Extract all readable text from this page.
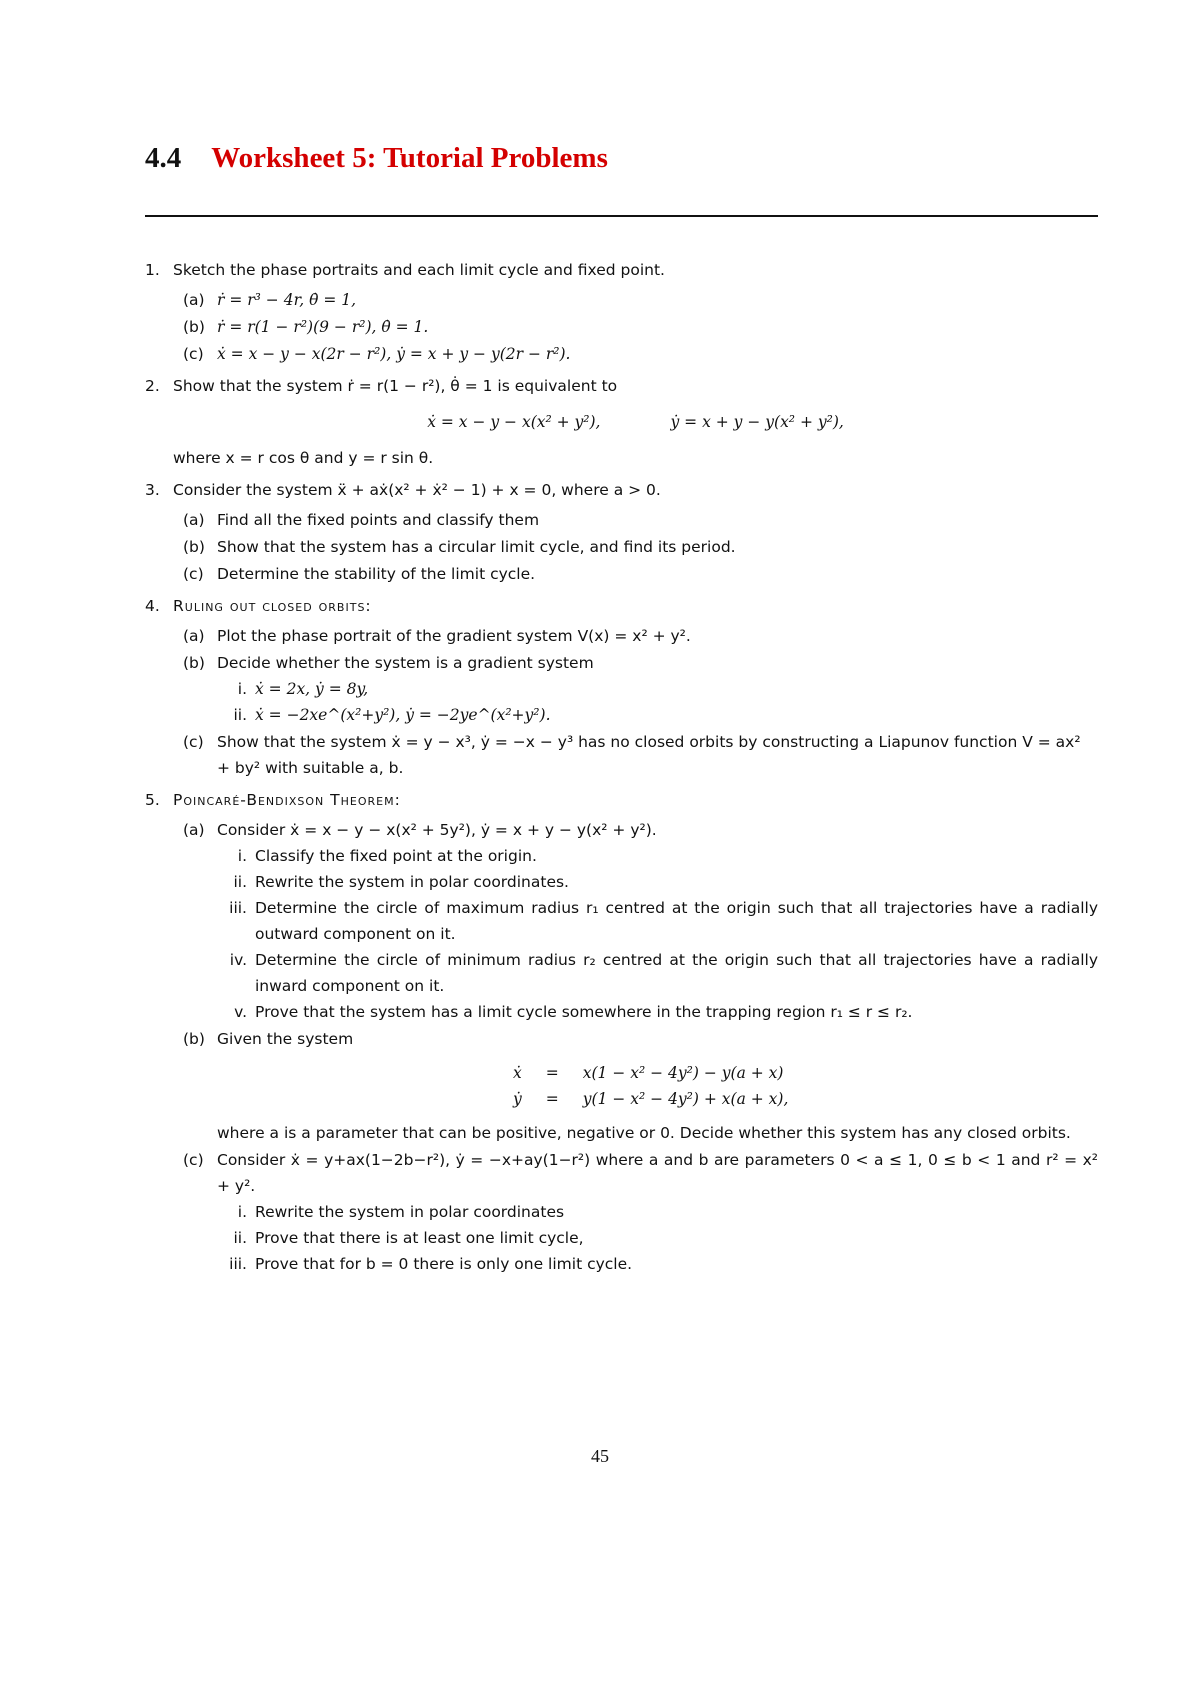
4.4 Worksheet 5: Tutorial Problems
1. Sketch the phase portraits and each limit cycle and fixed point.
(a) ṙ = r³ − 4r, θ̇ = 1,
(b) ṙ = r(1 − r²)(9 − r²), θ̇ = 1.
(c) ẋ = x − y − x(2r − r²), ẏ = x + y − y(2r − r²).
2. Show that the system ṙ = r(1 − r²), θ̇ = 1 is equivalent to
ẋ = x − y − x(x² + y²),	ẏ = x + y − y(x² + y²),
where x = r cos θ and y = r sin θ.
3. Consider the system ẍ + aẋ(x² + ẋ² − 1) + x = 0, where a > 0.
(a) Find all the fixed points and classify them
(b) Show that the system has a circular limit cycle, and find its period.
(c) Determine the stability of the limit cycle.
4. Ruling out closed orbits:
(a) Plot the phase portrait of the gradient system V(x) = x² + y².
(b) Decide whether the system is a gradient system
i. ẋ = 2x, ẏ = 8y,
ii. ẋ = −2xe^(x²+y²), ẏ = −2ye^(x²+y²).
(c) Show that the system ẋ = y − x³, ẏ = −x − y³ has no closed orbits by constructing a Liapunov function V = ax² + by² with suitable a, b.
5. Poincaré-Bendixson Theorem:
(a) Consider ẋ = x − y − x(x² + 5y²), ẏ = x + y − y(x² + y²).
i. Classify the fixed point at the origin.
ii. Rewrite the system in polar coordinates.
iii. Determine the circle of maximum radius r₁ centred at the origin such that all trajectories have a radially outward component on it.
iv. Determine the circle of minimum radius r₂ centred at the origin such that all trajectories have a radially inward component on it.
v. Prove that the system has a limit cycle somewhere in the trapping region r₁ ≤ r ≤ r₂.
(b) Given the system
ẋ	=	x(1 − x² − 4y²) − y(a + x)
ẏ	=	y(1 − x² − 4y²) + x(a + x),
where a is a parameter that can be positive, negative or 0. Decide whether this system has any closed orbits.
(c) Consider ẋ = y+ax(1−2b−r²), ẏ = −x+ay(1−r²) where a and b are parameters 0 < a ≤ 1, 0 ≤ b < 1 and r² = x² + y².
i. Rewrite the system in polar coordinates
ii. Prove that there is at least one limit cycle,
iii. Prove that for b = 0 there is only one limit cycle.
45
